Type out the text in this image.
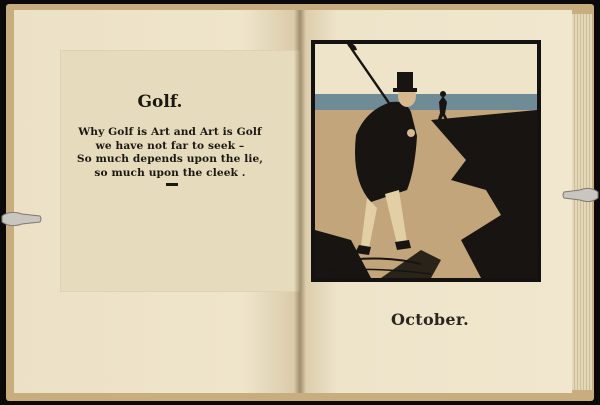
Golf.
Why Golf is Art and Art is Golf
we have not far to seek –
So much depends upon the lie,
so much upon the cleek .
October.
